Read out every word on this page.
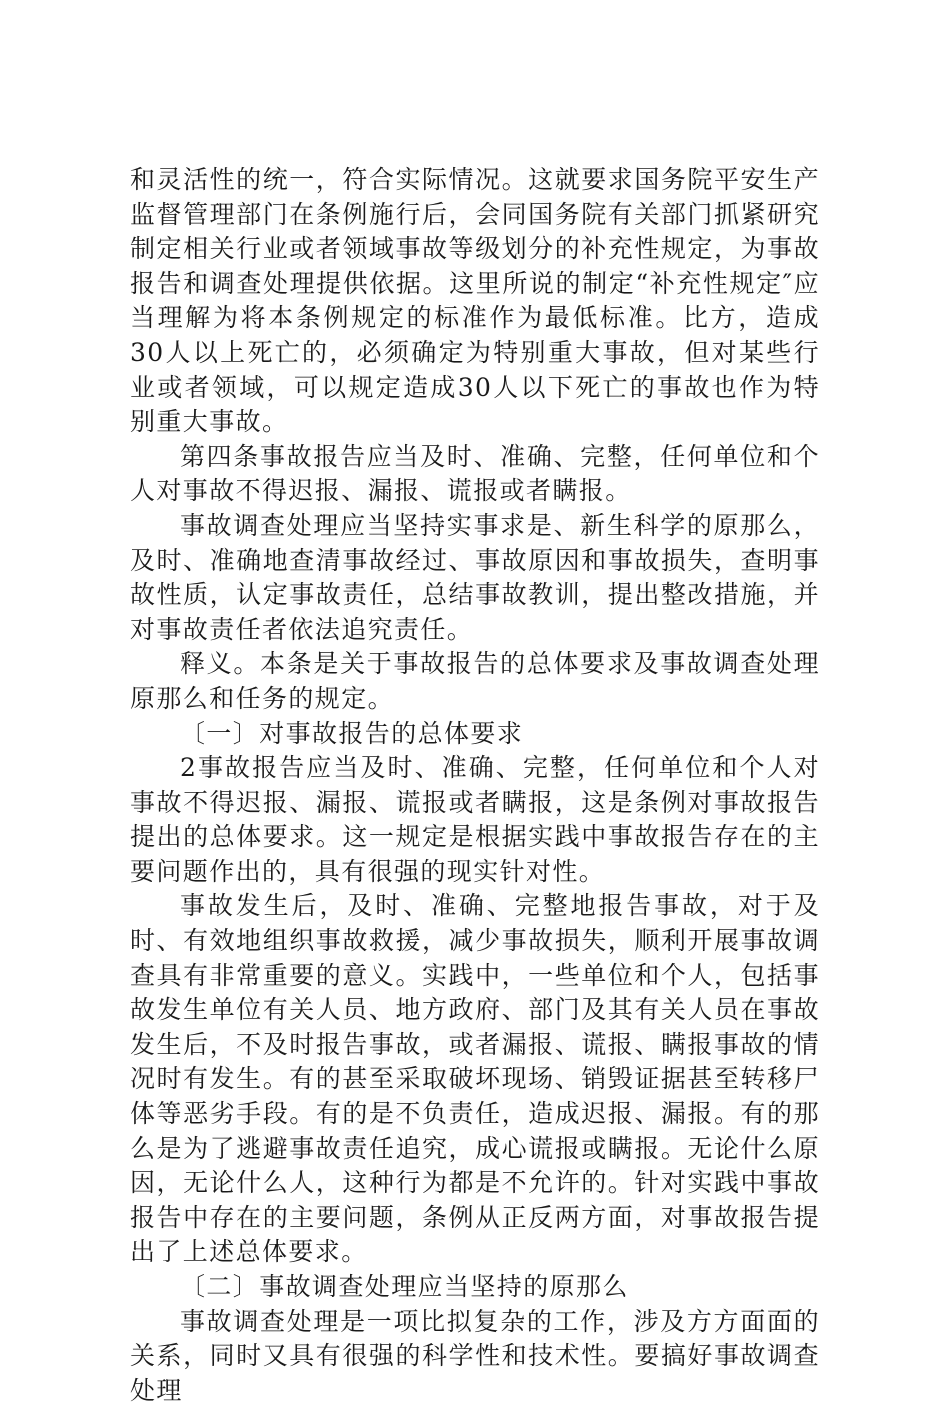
和灵活性的统一，符合实际情况。这就要求国务院平安生产监督管理部门在条例施行后，会同国务院有关部门抓紧研究制定相关行业或者领域事故等级划分的补充性规定，为事故报告和调查处理提供依据。这里所说的制定“补充性规定″应当理解为将本条例规定的标准作为最低标准。比方，造成30人以上死亡的，必须确定为特别重大事故，但对某些行业或者领域，可以规定造成30人以下死亡的事故也作为特别重大事故。

第四条事故报告应当及时、准确、完整，任何单位和个人对事故不得迟报、漏报、谎报或者瞒报。

事故调查处理应当坚持实事求是、新生科学的原那么，及时、准确地查清事故经过、事故原因和事故损失，查明事故性质，认定事故责任，总结事故教训，提出整改措施，并对事故责任者依法追究责任。

释义。本条是关于事故报告的总体要求及事故调查处理原那么和任务的规定。

〔一〕对事故报告的总体要求

2事故报告应当及时、准确、完整，任何单位和个人对事故不得迟报、漏报、谎报或者瞒报，这是条例对事故报告提出的总体要求。这一规定是根据实践中事故报告存在的主要问题作出的，具有很强的现实针对性。

事故发生后，及时、准确、完整地报告事故，对于及时、有效地组织事故救援，减少事故损失，顺利开展事故调查具有非常重要的意义。实践中，一些单位和个人，包括事故发生单位有关人员、地方政府、部门及其有关人员在事故发生后，不及时报告事故，或者漏报、谎报、瞒报事故的情况时有发生。有的甚至采取破坏现场、销毁证据甚至转移尸体等恶劣手段。有的是不负责任，造成迟报、漏报。有的那么是为了逃避事故责任追究，成心谎报或瞒报。无论什么原因，无论什么人，这种行为都是不允许的。针对实践中事故报告中存在的主要问题，条例从正反两方面，对事故报告提出了上述总体要求。

〔二〕事故调查处理应当坚持的原那么

事故调查处理是一项比拟复杂的工作，涉及方方面面的关系，同时又具有很强的科学性和技术性。要搞好事故调查处理
